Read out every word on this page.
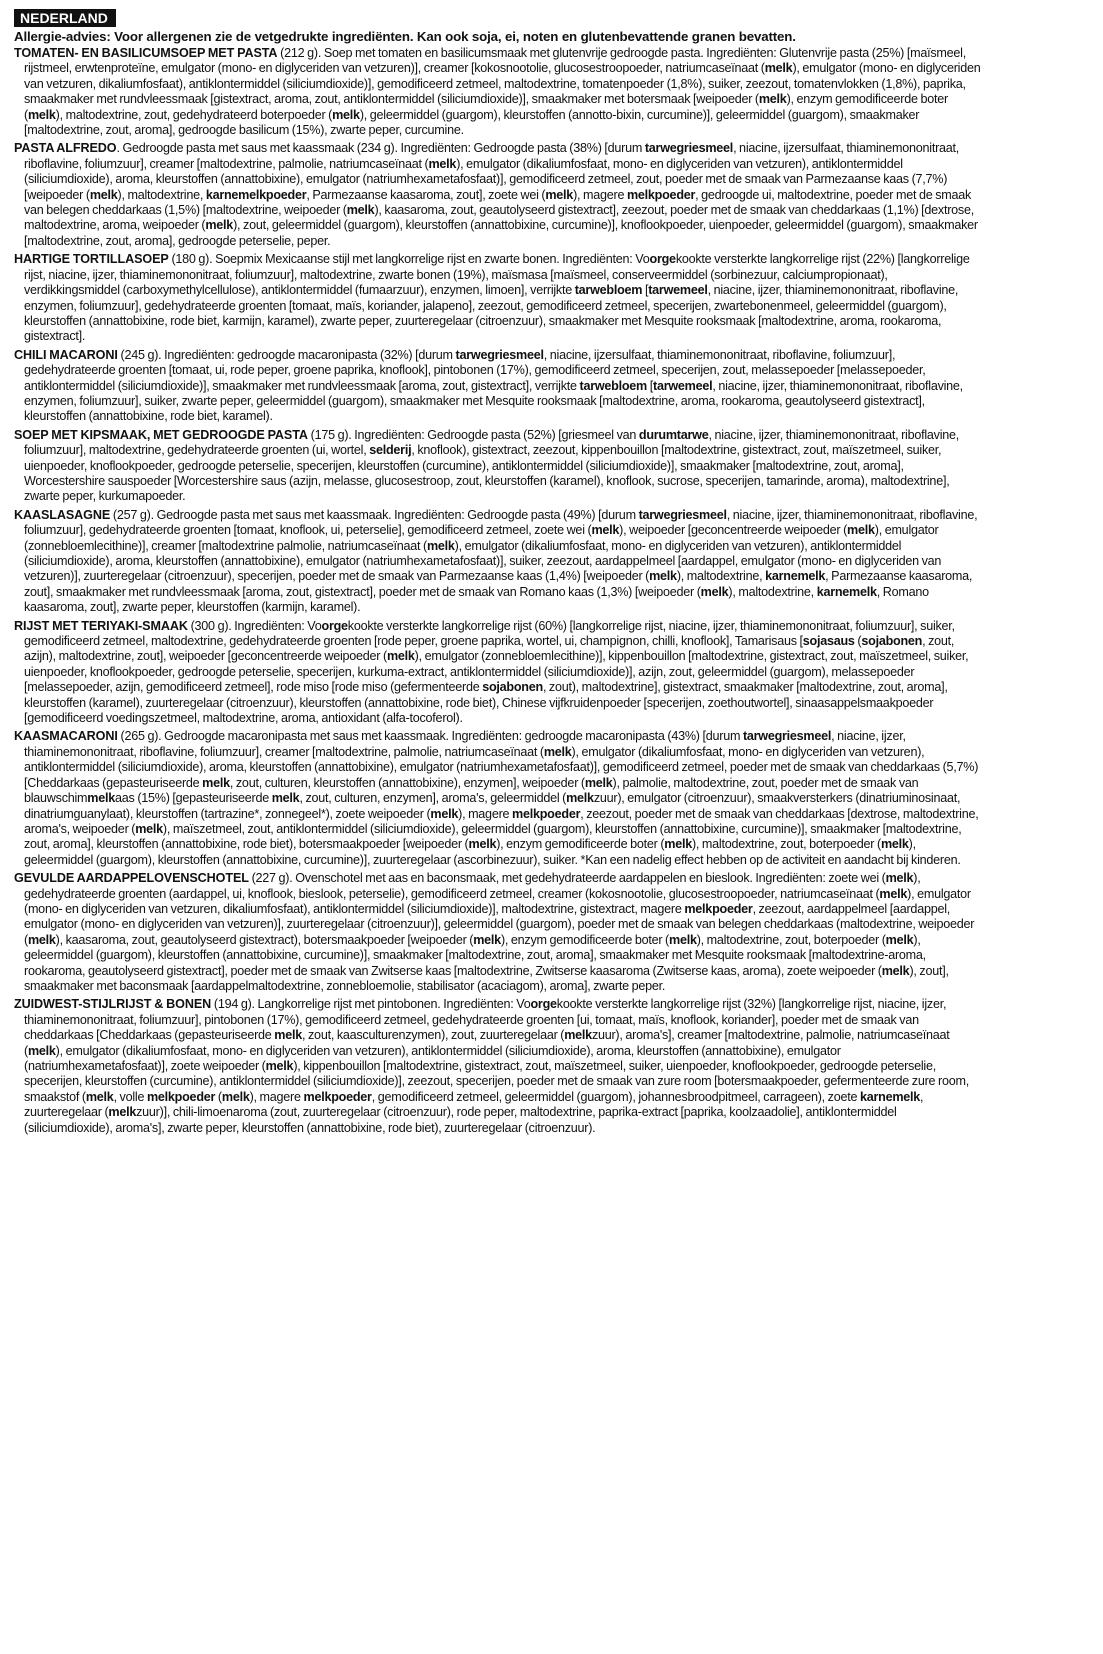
NEDERLAND
Allergie-advies: Voor allergenen zie de vetgedrukte ingrediënten. Kan ook soja, ei, noten en glutenbevattende granen bevatten.

TOMATEN- EN BASILICUMSOEP MET PASTA (212 g). Soep met tomaten en basilicumsmaak met glutenvrije gedroogde pasta. Ingrediënten: Glutenvrije pasta (25%) [maïsmeel, rijstmeel, erwtenproteïne, emulgator (mono- en diglyceriden van vetzuren)], creamer [kokosnootolie, glucosestroopoeder, natriumcaseïnaat (melk), emulgator (mono- en diglyceriden van vetzuren, dikaliumfosfaat), antiklontermiddel (siliciumdioxide)], gemodificeerd zetmeel, maltodextrine, tomatenpoeder (1,8%), suiker, zeezout, tomatenvlokken (1,8%), paprika, smaakmaker met rundvleessmaak [gistextract, aroma, zout, antiklontermiddel (siliciumdioxide)], smaakmaker met botersmaak [weipoeder (melk), enzym gemodificeerde boter (melk), maltodextrine, zout, gedehydrateerd boterpoeder (melk), geleermiddel (guargom), kleurstoffen (annotto-bixin, curcumine)], geleermiddel (guargom), smaakmaker [maltodextrine, zout, aroma], gedroogde basilicum (15%), zwarte peper, curcumine.

PASTA ALFREDO. Gedroogde pasta met saus met kaassmaak (234 g). Ingrediënten: Gedroogde pasta (38%) [durum tarwegriesmeel, niacine, ijzersulfaat, thiaminemononitraat, riboflavine, foliumzuur], creamer [maltodextrine, palmolie, natriumcaseïnaat (melk), emulgator (dikaliumfosfaat, mono- en diglyceriden van vetzuren), antiklontermiddel (siliciumdioxide), aroma, kleurstoffen (annattobixine), emulgator (natriumhexametafosfaat)], gemodificeerd zetmeel, zout, poeder met de smaak van Parmezaanse kaas (7,7%) [weipoeder (melk), maltodextrine, karnemelkpoeder, Parmezaanse kaasaroma, zout], zoete wei (melk), magere melkpoeder, gedroogde ui, maltodextrine, poeder met de smaak van belegen cheddarkaas (1,5%) [maltodextrine, weipoeder (melk), kaasaroma, zout, geautolyseerd gistextract], zeezout, poeder met de smaak van cheddarkaas (1,1%) [dextrose, maltodextrine, aroma, weipoeder (melk), zout, geleermiddel (guargom), kleurstoffen (annattobixine, curcumine)], knoflookpoeder, uienpoeder, geleermiddel (guargom), smaakmaker [maltodextrine, zout, aroma], gedroogde peterselie, peper.

HARTIGE TORTILLASOEP (180 g). Soepmix Mexicaanse stijl met langkorrelige rijst en zwarte bonen. Ingrediënten: Voorgekookte versterkte langkorrelige rijst (22%) [langkorrelige rijst, niacine, ijzer, thiaminemononitraat, foliumzuur], maltodextrine, zwarte bonen (19%), maïsmasa [maïsmeel, conserveermiddel (sorbinezuur, calciumpropionaat), verdikkingsmiddel (carboxymethylcellulose), antiklontermiddel (fumaarzuur), enzymen, limoen], verrijkte tarwebloem [tarwemeel, niacine, ijzer, thiaminemononitraat, riboflavine, enzymen, foliumzuur], gedehydrateerde groenten [tomaat, maïs, koriander, jalapeno], zeezout, gemodificeerd zetmeel, specerijen, zwartebonenmeel, geleermiddel (guargom), kleurstoffen (annattobixine, rode biet, karmijn, karamel), zwarte peper, zuurteregelaar (citroenzuur), smaakmaker met Mesquite rooksmaak [maltodextrine, aroma, rookaroma, gistextract].

CHILI MACARONI (245 g). Ingrediënten: gedroogde macaronipasta (32%) [durum tarwegriesmeel, niacine, ijzersulfaat, thiaminemononitraat, riboflavine, foliumzuur], gedehydrateerde groenten [tomaat, ui, rode peper, groene paprika, knoflook], pintobonen (17%), gemodificeerd zetmeel, specerijen, zout, melassepoeder [melassepoeder, antiklontermiddel (siliciumdioxide)], smaakmaker met rundvleessmaak [aroma, zout, gistextract], verrijkte tarwebloem [tarwemeel, niacine, ijzer, thiaminemononitraat, riboflavine, enzymen, foliumzuur], suiker, zwarte peper, geleermiddel (guargom), smaakmaker met Mesquite rooksmaak [maltodextrine, aroma, rookaroma, geautolyseerd gistextract], kleurstoffen (annattobixine, rode biet, karamel).

SOEP MET KIPSMAAK, MET GEDROOGDE PASTA (175 g). Ingrediënten: Gedroogde pasta (52%) [griesmeel van durumtarwe, niacine, ijzer, thiaminemononitraat, riboflavine, foliumzuur], maltodextrine, gedehydrateerde groenten (ui, wortel, selderij, knoflook), gistextract, zeezout, kippenbouillon [maltodextrine, gistextract, zout, maïszetmeel, suiker, uienpoeder, knoflookpoeder, gedroogde peterselie, specerijen, kleurstoffen (curcumine), antiklontermiddel (siliciumdioxide)], smaakmaker [maltodextrine, zout, aroma], Worcestershire sauspoeder [Worcestershire saus (azijn, melasse, glucosestroop, zout, kleurstoffen (karamel), knoflook, sucrose, specerijen, tamarinde, aroma), maltodextrine], zwarte peper, kurkumapoeder.

KAASLASAGNE (257 g). Gedroogde pasta met saus met kaassmaak. Ingrediënten: Gedroogde pasta (49%) [durum tarwegriesmeel, niacine, ijzer, thiaminemononitraat, riboflavine, foliumzuur], gedehydrateerde groenten [tomaat, knoflook, ui, peterselie], gemodificeerd zetmeel, zoete wei (melk), weipoeder [geconcentreerde weipoeder (melk), emulgator (zonnebloemlecithine)], creamer [maltodextrine palmolie, natriumcaseïnaat (melk), emulgator (dikaliumfosfaat, mono- en diglyceriden van vetzuren), antiklontermiddel (siliciumdioxide), aroma, kleurstoffen (annattobixine), emulgator (natriumhexametafosfaat)], suiker, zeezout, aardappelmeel [aardappel, emulgator (mono- en diglyceriden van vetzuren)], zuurteregelaar (citroenzuur), specerijen, poeder met de smaak van Parmezaanse kaas (1,4%) [weipoeder (melk), maltodextrine, karnemelk, Parmezaanse kaasaroma, zout], smaakmaker met rundvleessmaak [aroma, zout, gistextract], poeder met de smaak van Romano kaas (1,3%) [weipoeder (melk), maltodextrine, karnemelk, Romano kaasaroma, zout], zwarte peper, kleurstoffen (karmijn, karamel).

RIJST MET TERIYAKI-SMAAK (300 g). Ingrediënten: Voorgekookte versterkte langkorrelige rijst (60%) [langkorrelige rijst, niacine, ijzer, thiaminemononitraat, foliumzuur], suiker, gemodificeerd zetmeel, maltodextrine, gedehydrateerde groenten [rode peper, groene paprika, wortel, ui, champignon, chilli, knoflook], Tamarisaus [sojasaus (sojabonen, zout, azijn), maltodextrine, zout], weipoeder [geconcentreerde weipoeder (melk), emulgator (zonnebloemlecithine)], kippenbouillon [maltodextrine, gistextract, zout, maïszetmeel, suiker, uienpoeder, knoflookpoeder, gedroogde peterselie, specerijen, kurkuma-extract, antiklontermiddel (siliciumdioxide)], azijn, zout, geleermiddel (guargom), melassepoeder [melassepoeder, azijn, gemodificeerd zetmeel], rode miso [rode miso (gefermenteerde sojabonen, zout), maltodextrine], gistextract, smaakmaker [maltodextrine, zout, aroma], kleurstoffen (karamel), zuurteregelaar (citroenzuur), kleurstoffen (annattobixine, rode biet), Chinese vijfkruidenpoeder [specerijen, zoethoutwortel], sinaasappelsmaakpoeder [gemodificeerd voedingszetmeel, maltodextrine, aroma, antioxidant (alfa-tocoferol).

KAASMACARONI (265 g). Gedroogde macaronipasta met saus met kaassmaak. Ingrediënten: gedroogde macaronipasta (43%) [durum tarwegriesmeel, niacine, ijzer, thiaminemononitraat, riboflavine, foliumzuur], creamer [maltodextrine, palmolie, natriumcaseïnaat (melk), emulgator (dikaliumfosfaat, mono- en diglyceriden van vetzuren), antiklontermiddel (siliciumdioxide), aroma, kleurstoffen (annattobixine), emulgator (natriumhexametafosfaat)], gemodificeerd zetmeel, poeder met de smaak van cheddarkaas (5,7%)[Cheddarkaas (gepasteuriseerde melk, zout, culturen, kleurstoffen (annattobixine), enzymen], weipoeder (melk), palmolie, maltodextrine, zout, poeder met de smaak van blauwschimmelkaas (15%) [gepasteuriseerde melk, zout, culturen, enzymen], aroma's, geleermiddel (melkzuur), emulgator (citroenzuur), smaakversterkers (dinatriuminosinaat, dinatriumguanylaat), kleurstoffen (tartrazine*, zonnegeel*), zoete weipoeder (melk), magere melkpoeder, zeezout, poeder met de smaak van cheddarkaas [dextrose, maltodextrine, aroma's, weipoeder (melk), maïszetmeel, zout, antiklontermiddel (siliciumdioxide), geleermiddel (guargom), kleurstoffen (annattobixine, curcumine)], smaakmaker [maltodextrine, zout, aroma], kleurstoffen (annattobixine, rode biet), botersmaakpoeder [weipoeder (melk), enzym gemodificeerde boter (melk), maltodextrine, zout, boterpoeder (melk), geleermiddel (guargom), kleurstoffen (annattobixine, curcumine)], zuurteregelaar (ascorbinezuur), suiker. *Kan een nadelig effect hebben op de activiteit en aandacht bij kinderen.

GEVULDE AARDAPPELOVENSCHOTEL (227 g). Ovenschotel met aas en baconsmaak, met gedehydrateerde aardappelen en bieslook. Ingrediënten: zoete wei (melk), gedehydrateerde groenten (aardappel, ui, knoflook, bieslook, peterselie), gemodificeerd zetmeel, creamer (kokosnootolie, glucosestroopoeder, natriumcaseïnaat (melk), emulgator (mono- en diglyceriden van vetzuren, dikaliumfosfaat), antiklontermiddel (siliciumdioxide)], maltodextrine, gistextract, magere melkpoeder, zeezout, aardappelmeel [aardappel, emulgator (mono- en diglyceriden van vetzuren)], zuurteregelaar (citroenzuur)], geleermiddel (guargom), poeder met de smaak van belegen cheddarkaas (maltodextrine, weipoeder (melk), kaasaroma, zout, geautolyseerd gistextract), botersmaakpoeder [weipoeder (melk), enzym gemodificeerde boter (melk), maltodextrine, zout, boterpoeder (melk), geleermiddel (guargom), kleurstoffen (annattobixine, curcumine)], smaakmaker [maltodextrine, zout, aroma], smaakmaker met Mesquite rooksmaak [maltodextrine-aroma, rookaroma, geautolyseerd gistextract], poeder met de smaak van Zwitserse kaas [maltodextrine, Zwitserse kaasaroma (Zwitserse kaas, aroma), zoete weipoeder (melk), zout], smaakmaker met baconsmaak [aardappelmaltodextrine, zonnebloemolie, stabilisator (acaciagom), aroma], zwarte peper.

ZUIDWEST-STIJLRIJST & BONEN (194 g). Langkorrelige rijst met pintobonen. Ingrediënten: Voorgekookte versterkte langkorrelige rijst (32%) [langkorrelige rijst, niacine, ijzer, thiaminemononitraat, foliumzuur], pintobonen (17%), gemodificeerd zetmeel, gedehydrateerde groenten [ui, tomaat, maïs, knoflook, koriander], poeder met de smaak van cheddarkaas [Cheddarkaas (gepasteuriseerde melk, zout, kaasculturenzymen), zout, zuurteregelaar (melkzuur), aroma's], creamer [maltodextrine, palmolie, natriumcaseïnaat (melk), emulgator (dikaliumfosfaat, mono- en diglyceriden van vetzuren), antiklontermiddel (siliciumdioxide), aroma, kleurstoffen (annattobixine), emulgator (natriumhexametafosfaat)], zoete weipoeder (melk), kippenbouillon [maltodextrine, gistextract, zout, maïszetmeel, suiker, uienpoeder, knoflookpoeder, gedroogde peterselie, specerijen, kleurstoffen (curcumine), antiklontermiddel (siliciumdioxide)], zeezout, specerijen, poeder met de smaak van zure room [botersmaakpoeder, gefermenteerde zure room, smaakstof (melk, volle melkpoeder (melk), magere melkpoeder, gemodificeerd zetmeel, geleermiddel (guargom), johannesbroodpitmeel, carrageen), zoete karnemelk, zuurteregelaar (melkzuur)], chili-limoenaroma (zout, zuurteregelaar (citroenzuur), rode peper, maltodextrine, paprika-extract [paprika, koolzaadolie], antiklontermiddel (siliciumdioxide), aroma's], zwarte peper, kleurstoffen (annattobixine, rode biet), zuurteregelaar (citroenzuur).
